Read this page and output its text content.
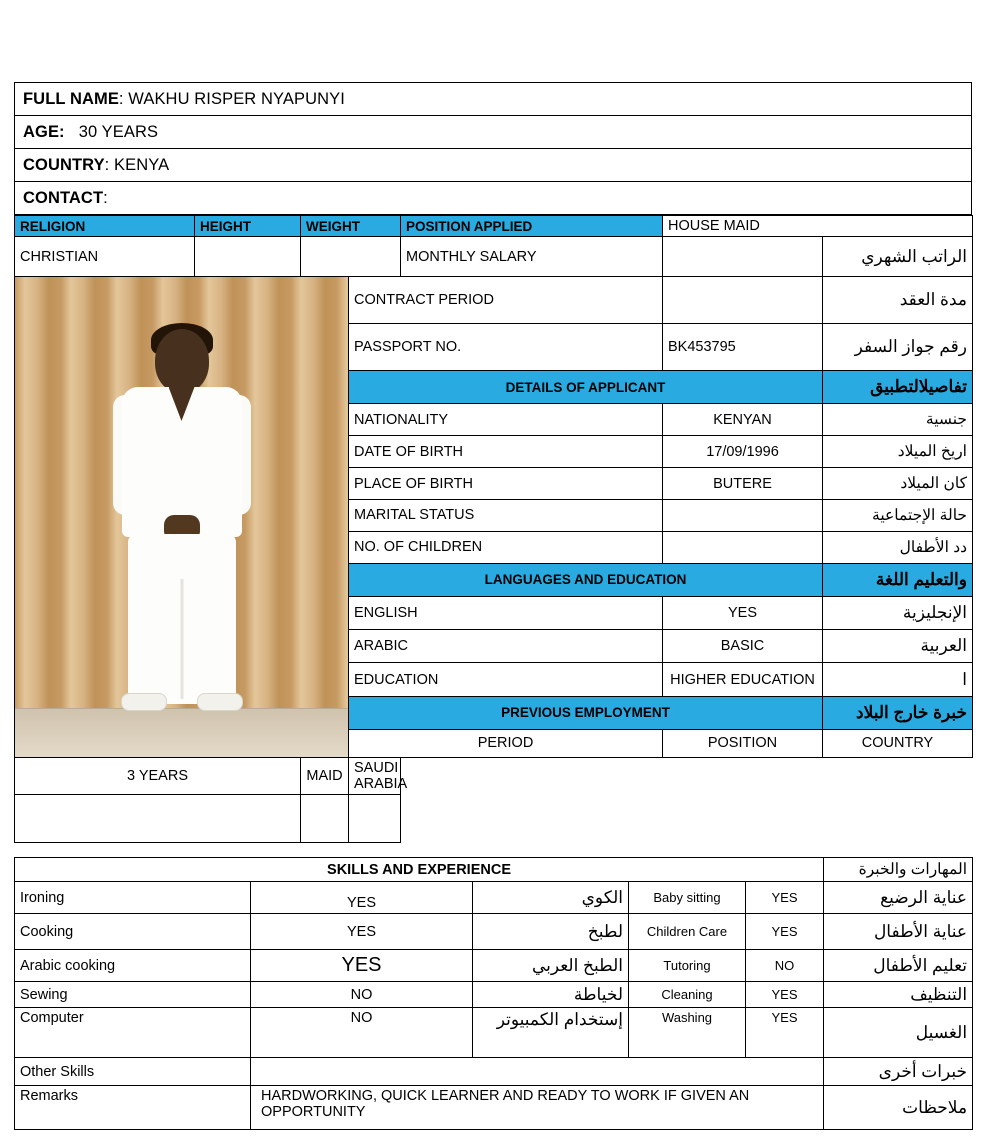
FULL NAME: WAKHU RISPER NYAPUNYI
AGE: 30 YEARS
COUNTRY: KENYA
CONTACT:
RELIGION	HEIGHT	WEIGHT		POSITION APPLIED	HOUSE MAID	
CHRISTIAN				MONTHLY SALARY		الراتب الشهري

			CONTRACT PERIOD			مدة العقد
			PASSPORT NO.		BK453795	رقم جواز السفر
			DETAILS OF APPLICANT			تفاصيلالتطبيق
			NATIONALITY		KENYAN	جنسية
			DATE OF BIRTH		17/09/1996	اريخ الميلاد
			PLACE OF BIRTH		BUTERE	كان الميلاد
			MARITAL STATUS			حالة الإجتماعية
			NO. OF CHILDREN			دد الأطفال
			LANGUAGES AND EDUCATION			والتعليم اللغة
			ENGLISH		YES	الإنجليزية
			ARABIC		BASIC	العربية
			EDUCATION		HIGHER EDUCATION	ا
			PREVIOUS EMPLOYMENT			خبرة خارج البلاد
			PERIOD		POSITION	COUNTRY
3 YEARS		MAID	SAUDI ARABIA			

SKILLS AND EXPERIENCE					المهارات والخبرة
Ironing	YES	الكوي	Baby sitting	YES	عناية الرضيع
Cooking	YES	لطبخ	Children Care	YES	عناية الأطفال
Arabic cooking	YES	الطبخ العربي	Tutoring	NO	تعليم الأطفال
Sewing	NO	لخياطة	Cleaning	YES	التنظيف
Computer	NO	إستخدام الكمبيوتر	Washing	YES	الغسيل
Other Skills					خبرات أخرى
Remarks	HARDWORKING, QUICK LEARNER AND READY TO WORK IF GIVEN AN OPPORTUNITY				ملاحظات
